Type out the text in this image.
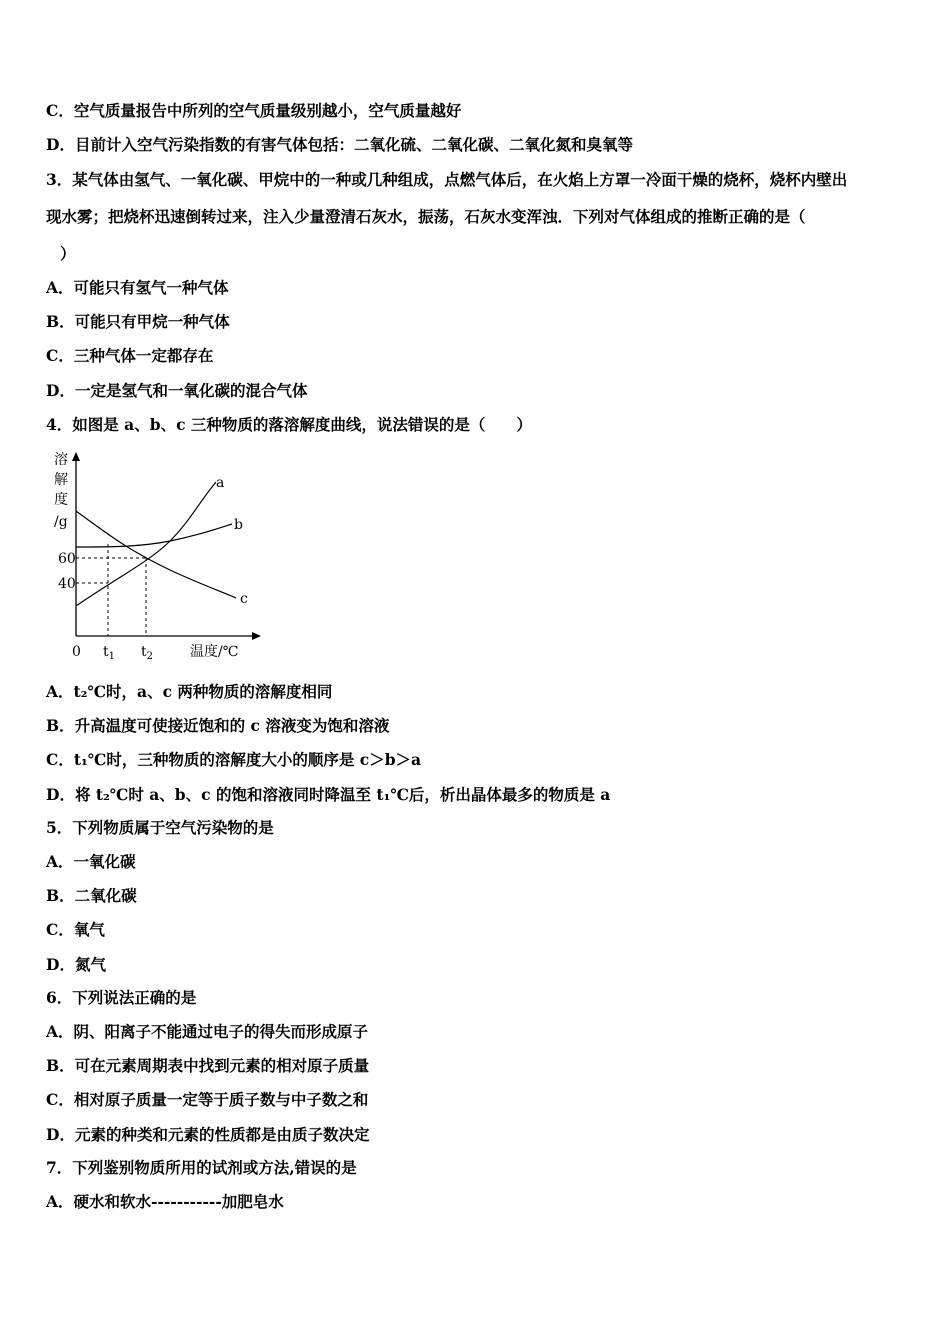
C．空气质量报告中所列的空气质量级别越小，空气质量越好
D．目前计入空气污染指数的有害气体包括：二氧化硫、二氧化碳、二氧化氮和臭氧等
3．某气体由氢气、一氧化碳、甲烷中的一种或几种组成，点燃气体后，在火焰上方罩一冷面干燥的烧杯，烧杯内壁出
现水雾；把烧杯迅速倒转过来，注入少量澄清石灰水，振荡，石灰水变浑浊．下列对气体组成的推断正确的是（
）
A．可能只有氢气一种气体
B．可能只有甲烷一种气体
C．三种气体一定都存在
D．一定是氢气和一氧化碳的混合气体
4．如图是 a、b、c 三种物质的落溶解度曲线，说法错误的是（　　）
溶
解
度
/g
a
b
c
60
40
0 $t_1$ $t_2$	温度/℃
A．t₂℃时，a、c 两种物质的溶解度相同
B．升高温度可使接近饱和的 c 溶液变为饱和溶液
C．t₁℃时，三种物质的溶解度大小的顺序是 c＞b＞a
D．将 t₂℃时 a、b、c 的饱和溶液同时降温至 t₁℃后，析出晶体最多的物质是 a
5．下列物质属于空气污染物的是
A．一氧化碳
B．二氧化碳
C．氧气
D．氮气
6．下列说法正确的是
A．阴、阳离子不能通过电子的得失而形成原子
B．可在元素周期表中找到元素的相对原子质量
C．相对原子质量一定等于质子数与中子数之和
D．元素的种类和元素的性质都是由质子数决定
7．下列鉴别物质所用的试剂或方法,错误的是
A．硬水和软水-----------加肥皂水
